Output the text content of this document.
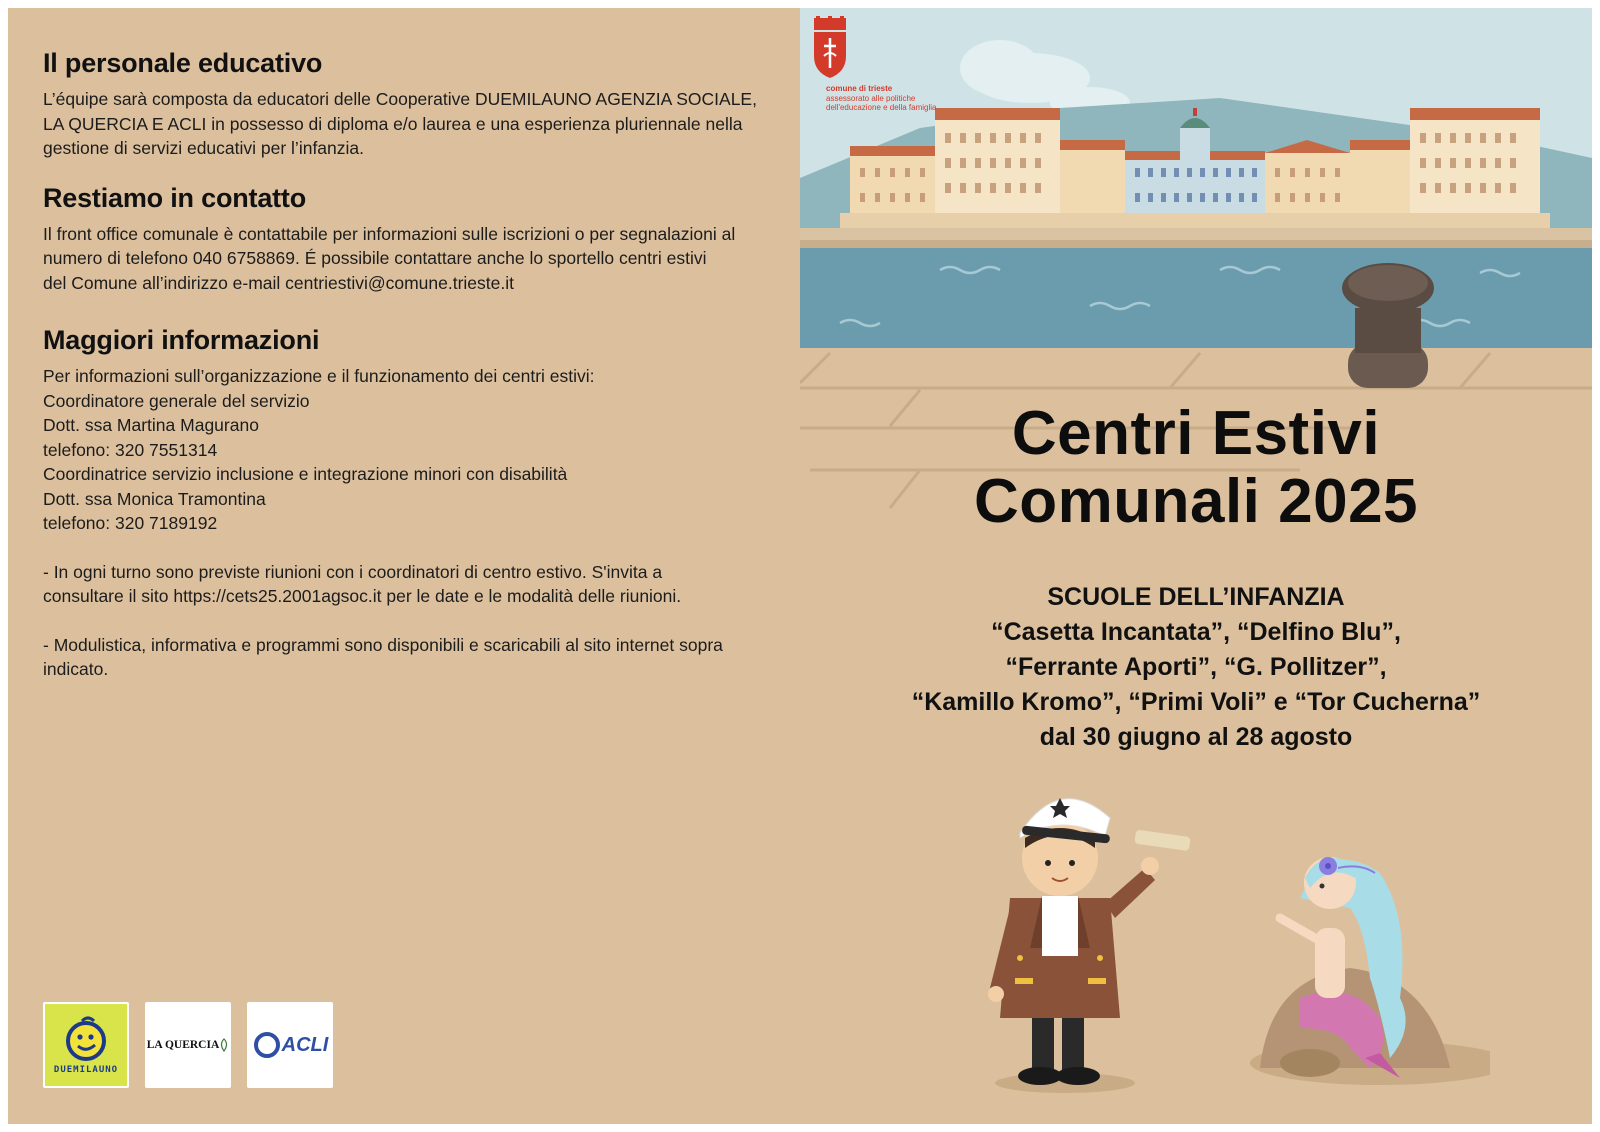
Il personale educativo

L’équipe sarà composta da educatori delle Cooperative DUEMILAUNO AGENZIA SOCIALE,
LA QUERCIA E ACLI in possesso di diploma e/o laurea e una esperienza pluriennale nella
gestione di servizi educativi per l’infanzia.

Restiamo in contatto

Il front office comunale è contattabile per informazioni sulle iscrizioni o per segnalazioni al
numero di telefono 040 6758869. É possibile contattare anche lo sportello centri estivi
del Comune all’indirizzo e-mail centriestivi@comune.trieste.it

Maggiori informazioni

Per informazioni sull’organizzazione e il funzionamento dei centri estivi:
Coordinatore generale del servizio
Dott. ssa Martina Magurano
telefono: 320 7551314
Coordinatrice servizio inclusione e integrazione minori con disabilità
Dott. ssa Monica Tramontina
telefono: 320 7189192
- In ogni turno sono previste riunioni con i coordinatori di centro estivo. S'invita a
consultare il sito https://cets25.2001agsoc.it per le date e le modalità delle riunioni.
- Modulistica, informativa e programmi sono disponibili e scaricabili al sito internet sopra
indicato.

DUEMILAUNO
LA QUERCIA	ACLI
comune di trieste
assessorato alle politiche
dell'educazione e della famiglia
Centri Estivi
Comunali 2025
SCUOLE DELL’INFANZIA
“Casetta Incantata”, “Delfino Blu”,
“Ferrante Aporti”, “G. Pollitzer”,
“Kamillo Kromo”, “Primi Voli” e “Tor Cucherna”
dal 30 giugno al 28 agosto
